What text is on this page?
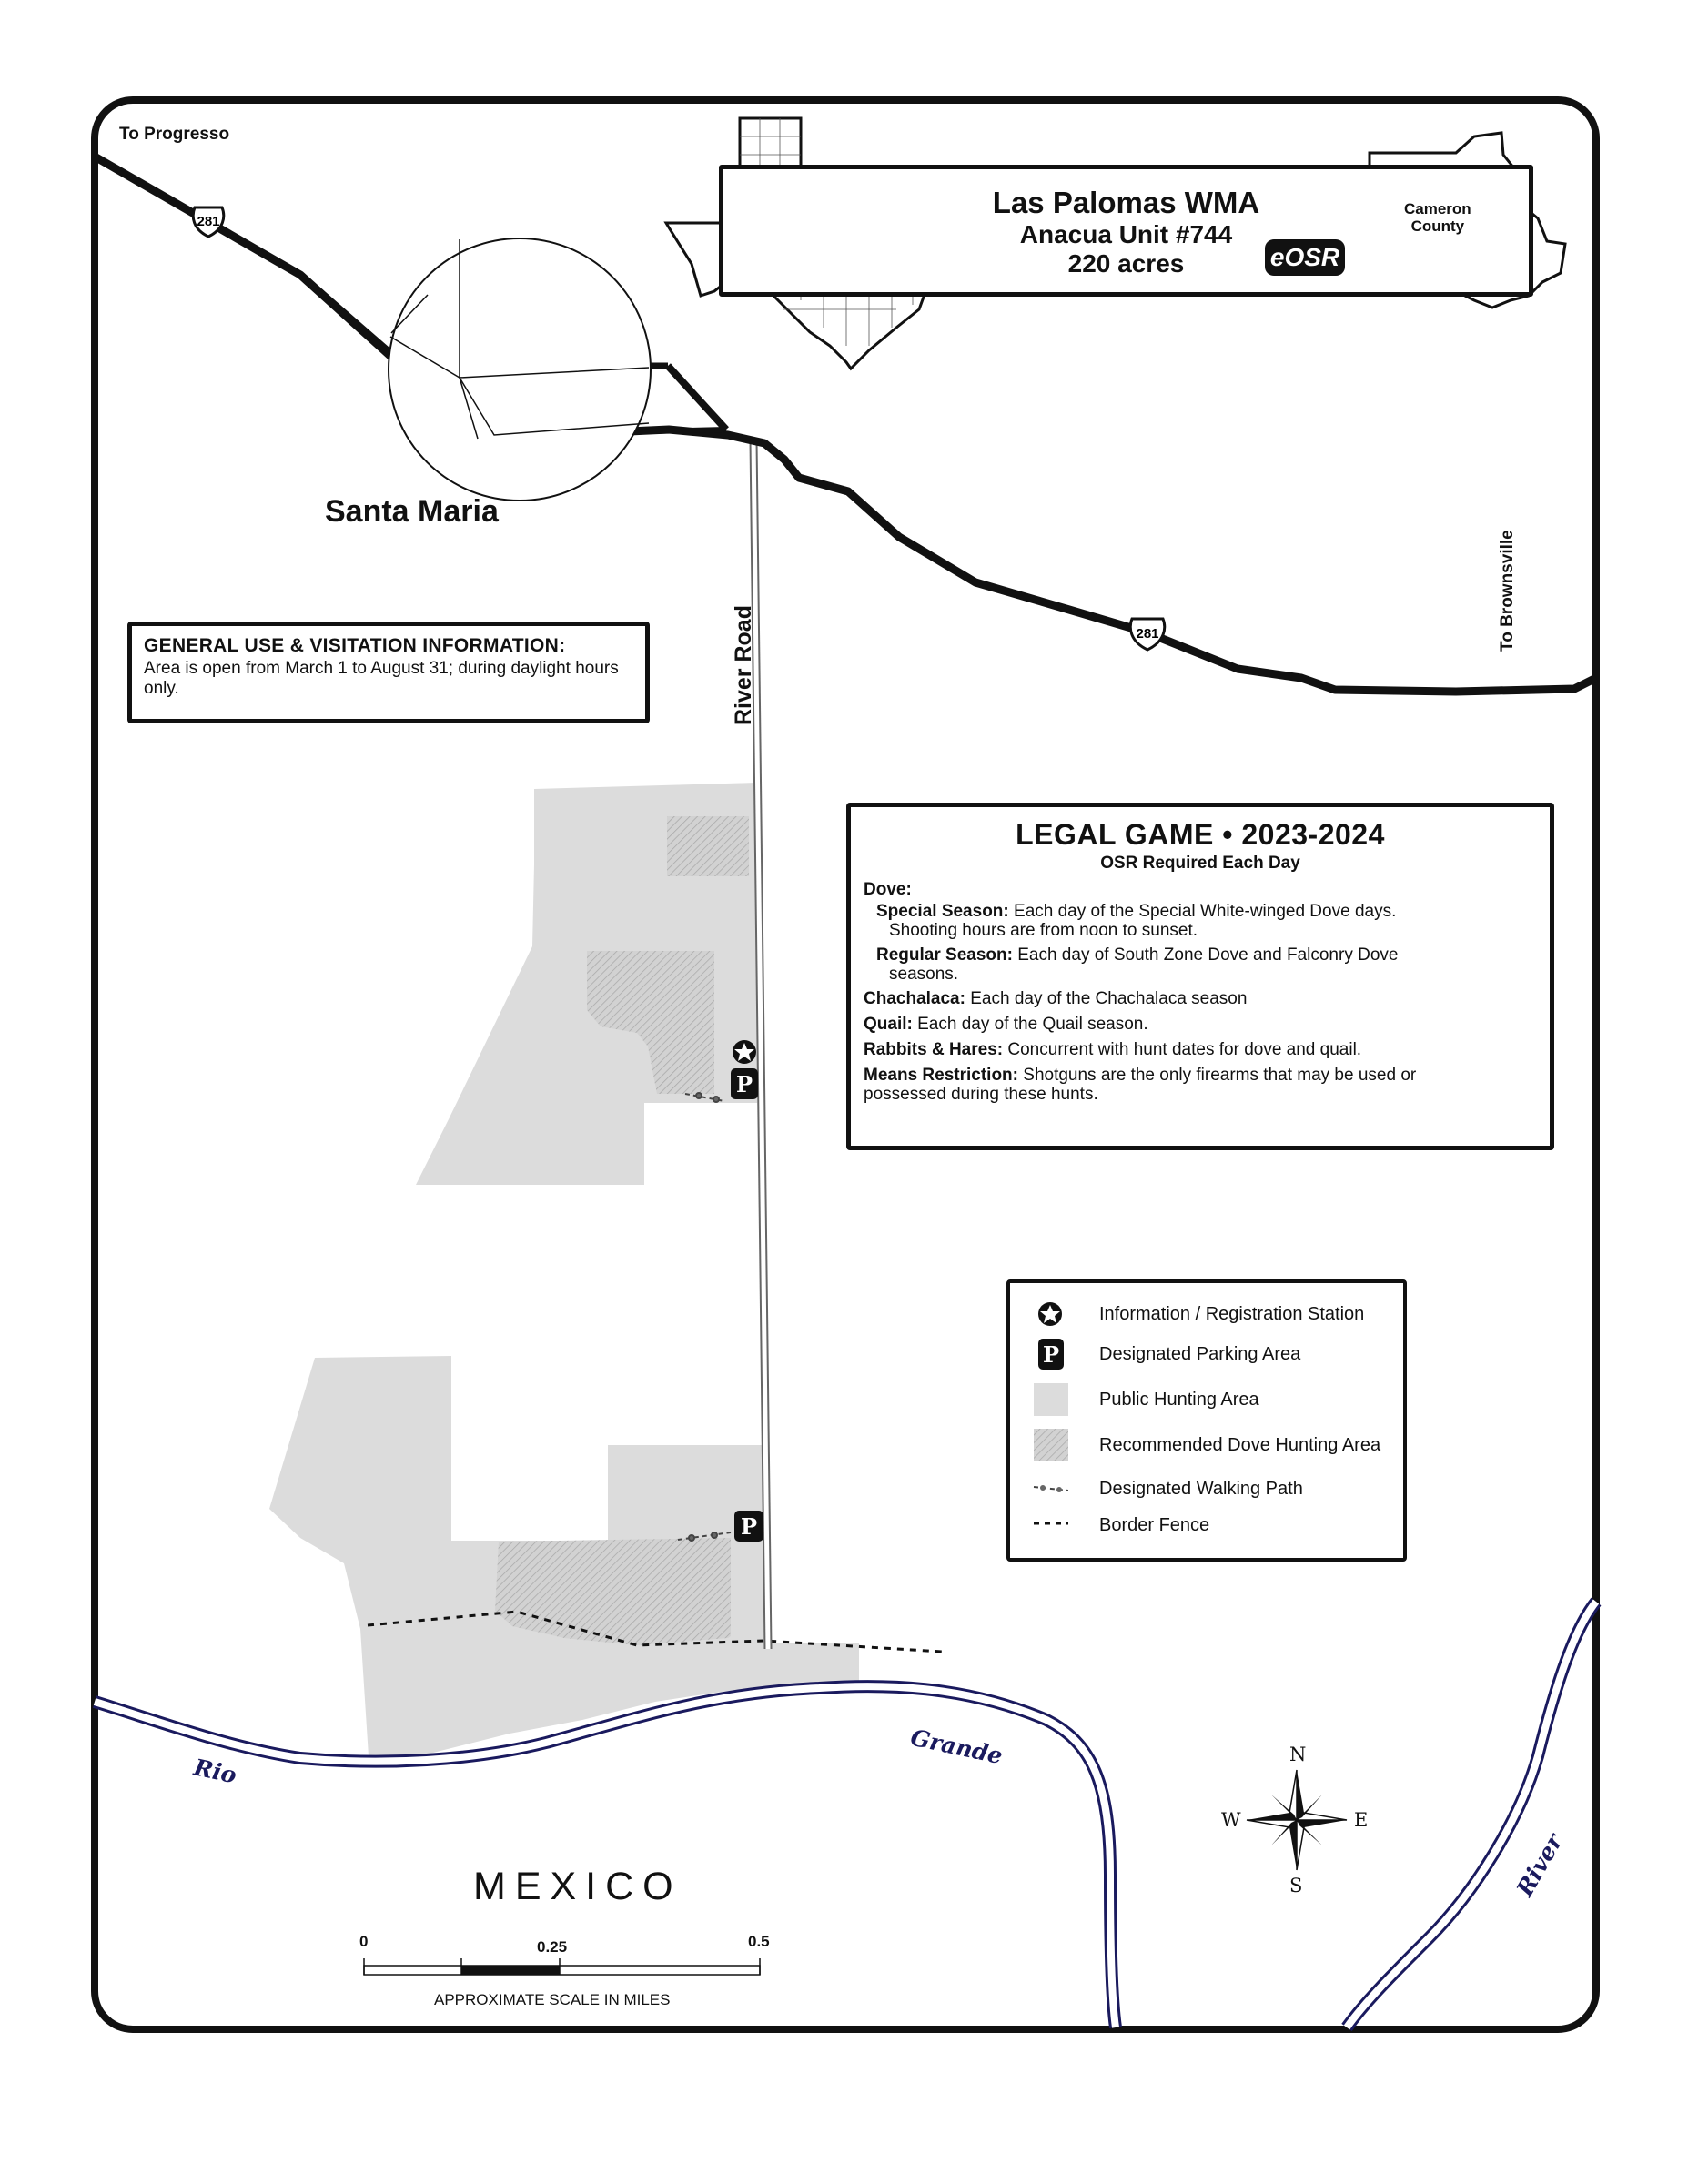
P
P
281
281
Las Palomas WMA
Anacua Unit #744
220 acres	eOSR
Cameron
County
To Progresso
Santa Maria
To Brownsville
River Road
MEXICO
Rio
Grande
River
N
S
E
W
0	0.25	0.5
APPROXIMATE SCALE IN MILES
GENERAL USE & VISITATION INFORMATION:
Area is open from March 1 to August 31; during daylight hours only.
LEGAL GAME • 2023-2024
OSR Required Each Day
Dove:
Special Season: Each day of the Special White-winged Dove days.
Shooting hours are from noon to sunset.
Regular Season: Each day of South Zone Dove and Falconry Dove
seasons.
Chachalaca: Each day of the Chachalaca season
Quail: Each day of the Quail season.
Rabbits & Hares: Concurrent with hunt dates for dove and quail.
Means Restriction: Shotguns are the only firearms that may be used or
possessed during these hunts.
Information / Registration Station
P Designated Parking Area
Public Hunting Area
Recommended Dove Hunting Area
Designated Walking Path
Border Fence
